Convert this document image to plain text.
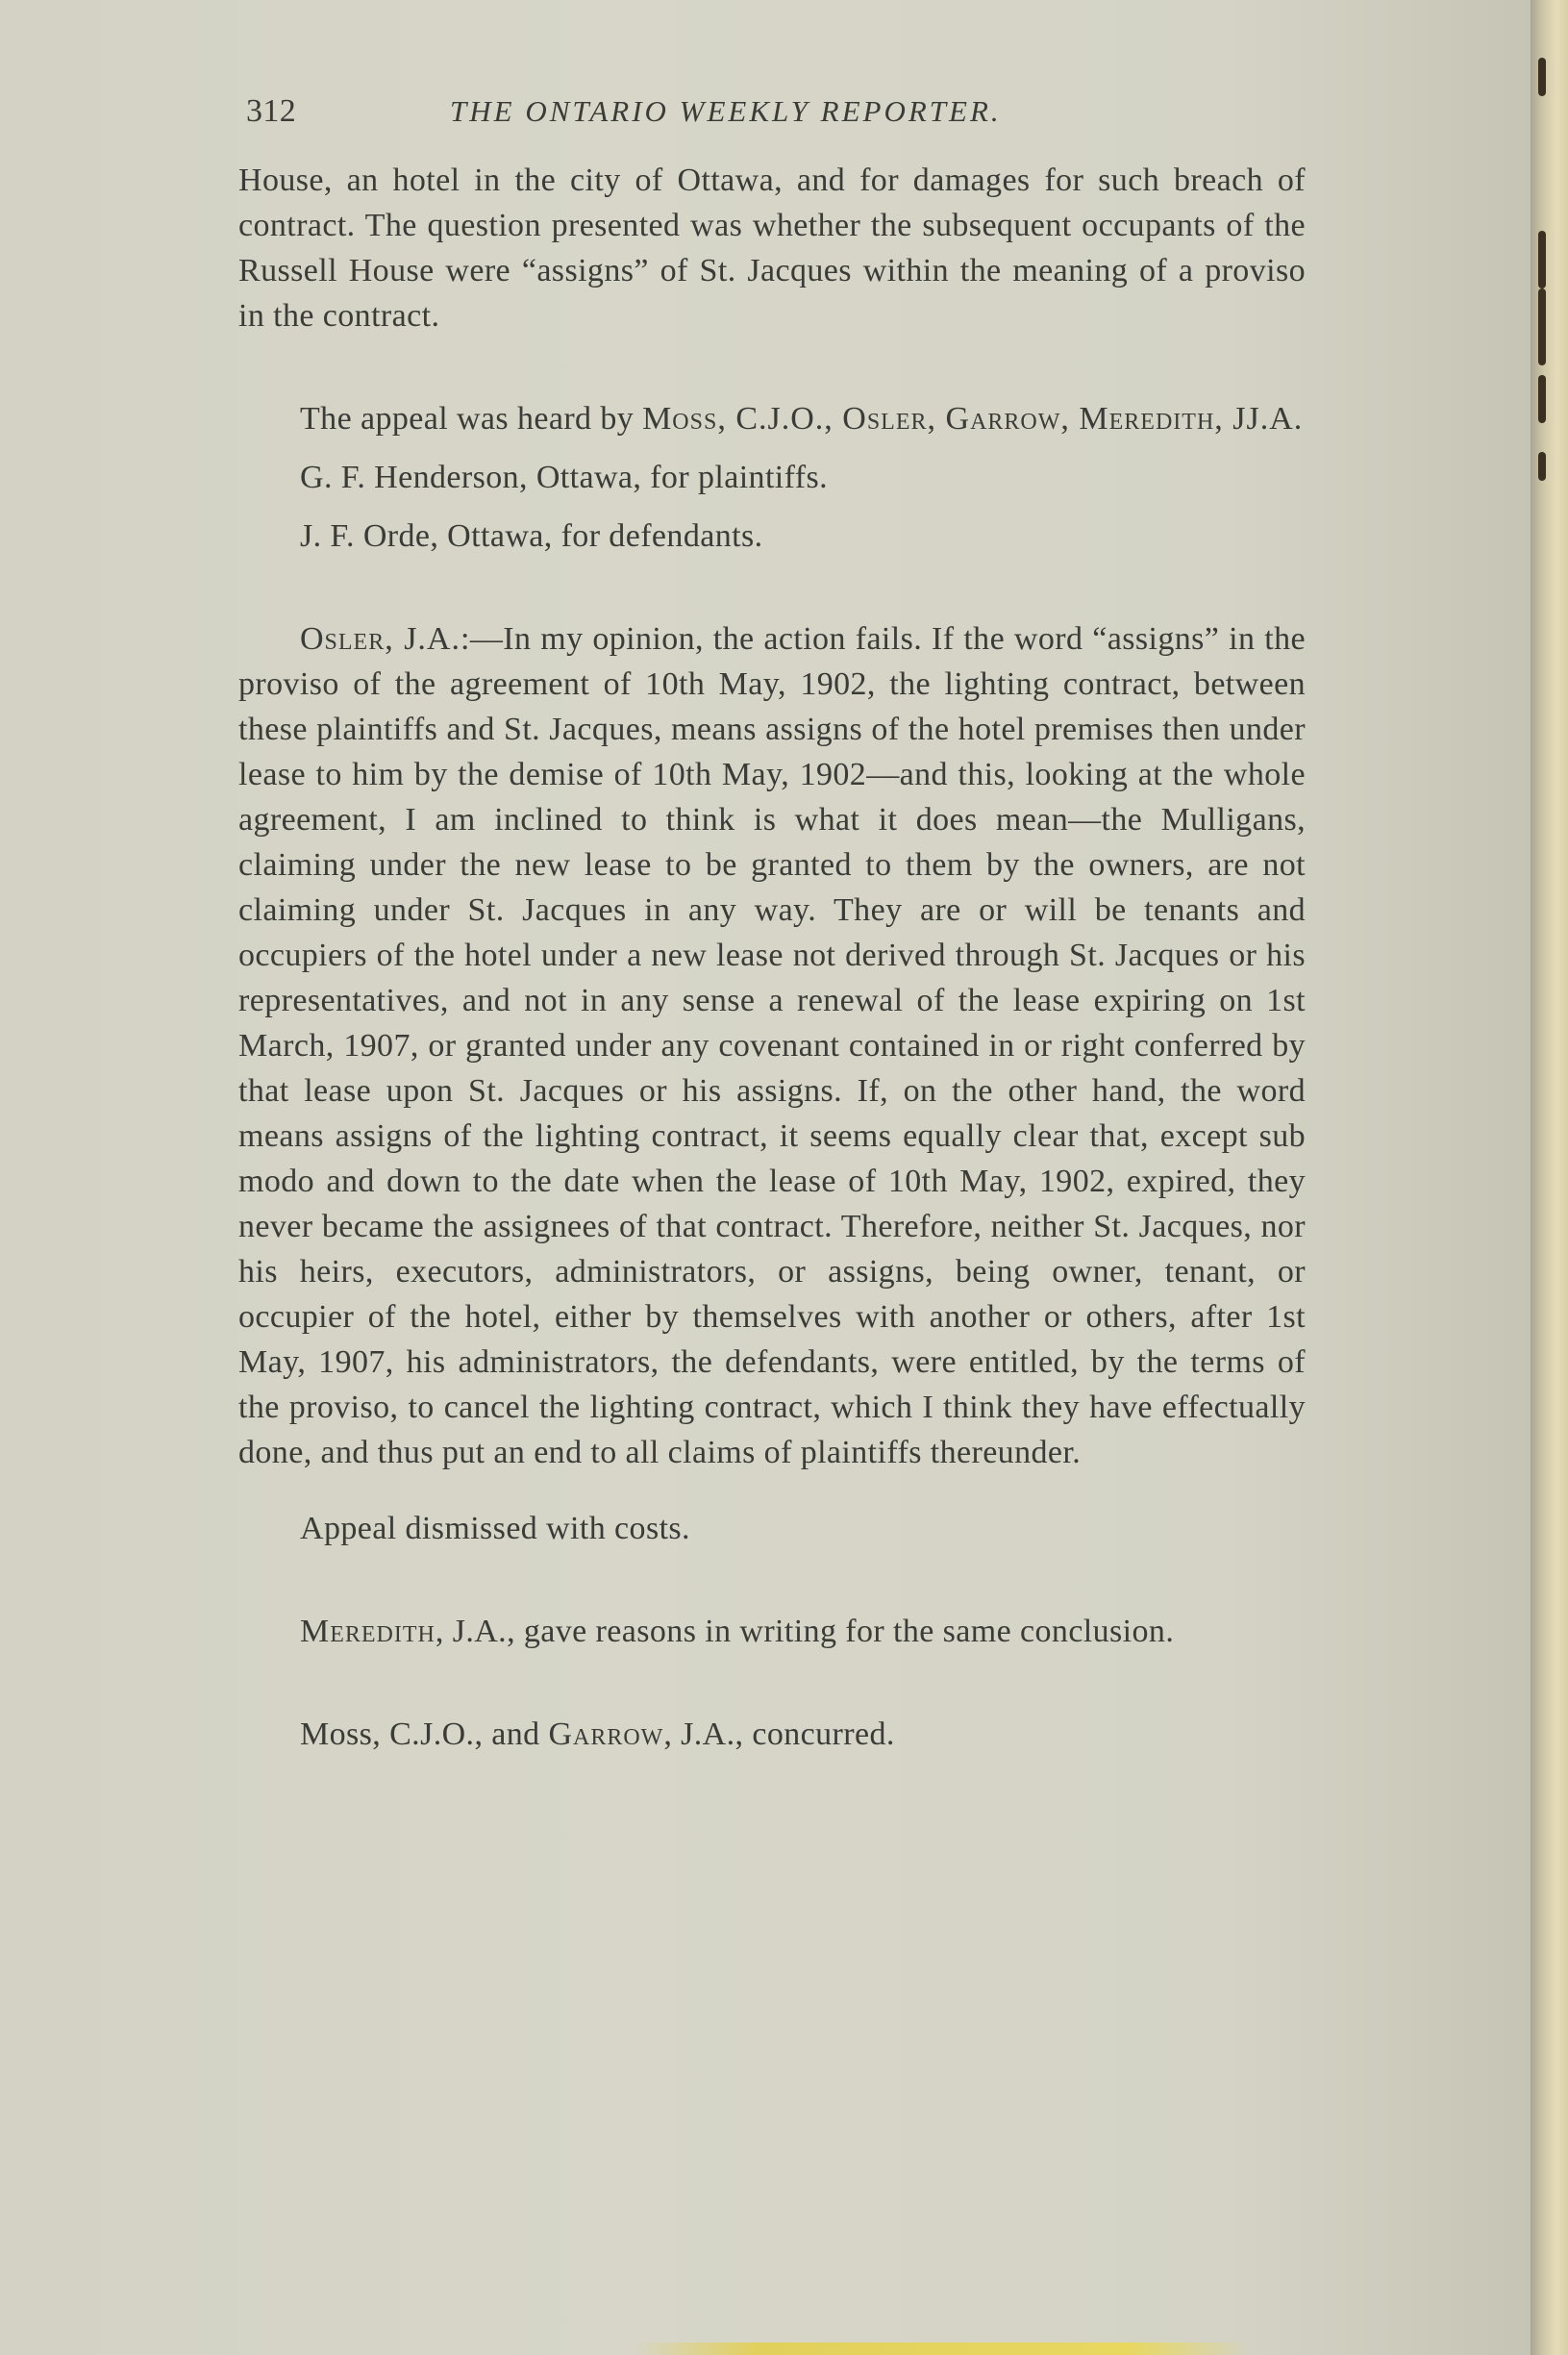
312	THE ONTARIO WEEKLY REPORTER.

House, an hotel in the city of Ottawa, and for damages for such breach of contract. The question presented was whether the subsequent occupants of the Russell House were “assigns” of St. Jacques within the meaning of a proviso in the contract.

The appeal was heard by Moss, C.J.O., Osler, Garrow, Meredith, JJ.A.

G. F. Henderson, Ottawa, for plaintiffs.

J. F. Orde, Ottawa, for defendants.

Osler, J.A.:—In my opinion, the action fails. If the word “assigns” in the proviso of the agreement of 10th May, 1902, the lighting contract, between these plaintiffs and St. Jacques, means assigns of the hotel premises then under lease to him by the demise of 10th May, 1902—and this, looking at the whole agreement, I am inclined to think is what it does mean—the Mulligans, claiming under the new lease to be granted to them by the owners, are not claiming under St. Jacques in any way. They are or will be tenants and occupiers of the hotel under a new lease not derived through St. Jacques or his representatives, and not in any sense a renewal of the lease expiring on 1st March, 1907, or granted under any covenant contained in or right conferred by that lease upon St. Jacques or his assigns. If, on the other hand, the word means assigns of the lighting contract, it seems equally clear that, except sub modo and down to the date when the lease of 10th May, 1902, expired, they never became the assignees of that contract. Therefore, neither St. Jacques, nor his heirs, executors, administrators, or assigns, being owner, tenant, or occupier of the hotel, either by themselves with another or others, after 1st May, 1907, his administrators, the defendants, were entitled, by the terms of the proviso, to cancel the lighting contract, which I think they have effectually done, and thus put an end to all claims of plaintiffs thereunder.

Appeal dismissed with costs.

Meredith, J.A., gave reasons in writing for the same conclusion.

Moss, C.J.O., and Garrow, J.A., concurred.
